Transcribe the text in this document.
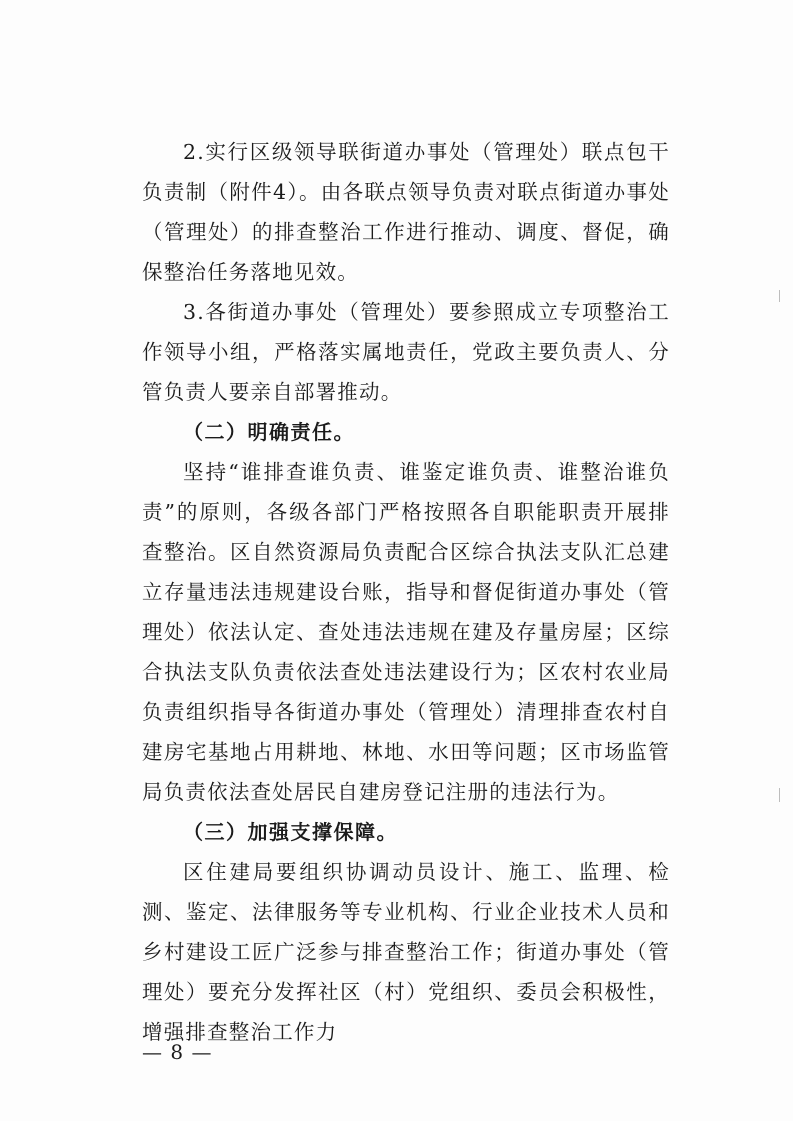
2.实行区级领导联街道办事处（管理处）联点包干负责制（附件4）。由各联点领导负责对联点街道办事处（管理处）的排查整治工作进行推动、调度、督促，确保整治任务落地见效。

3.各街道办事处（管理处）要参照成立专项整治工作领导小组，严格落实属地责任，党政主要负责人、分管负责人要亲自部署推动。

（二）明确责任。

坚持“谁排查谁负责、谁鉴定谁负责、谁整治谁负责”的原则，各级各部门严格按照各自职能职责开展排查整治。区自然资源局负责配合区综合执法支队汇总建立存量违法违规建设台账，指导和督促街道办事处（管理处）依法认定、查处违法违规在建及存量房屋；区综合执法支队负责依法查处违法建设行为；区农村农业局负责组织指导各街道办事处（管理处）清理排查农村自建房宅基地占用耕地、林地、水田等问题；区市场监管局负责依法查处居民自建房登记注册的违法行为。

（三）加强支撑保障。

区住建局要组织协调动员设计、施工、监理、检测、鉴定、法律服务等专业机构、行业企业技术人员和乡村建设工匠广泛参与排查整治工作；街道办事处（管理处）要充分发挥社区（村）党组织、委员会积极性，增强排查整治工作力

— 8 —
